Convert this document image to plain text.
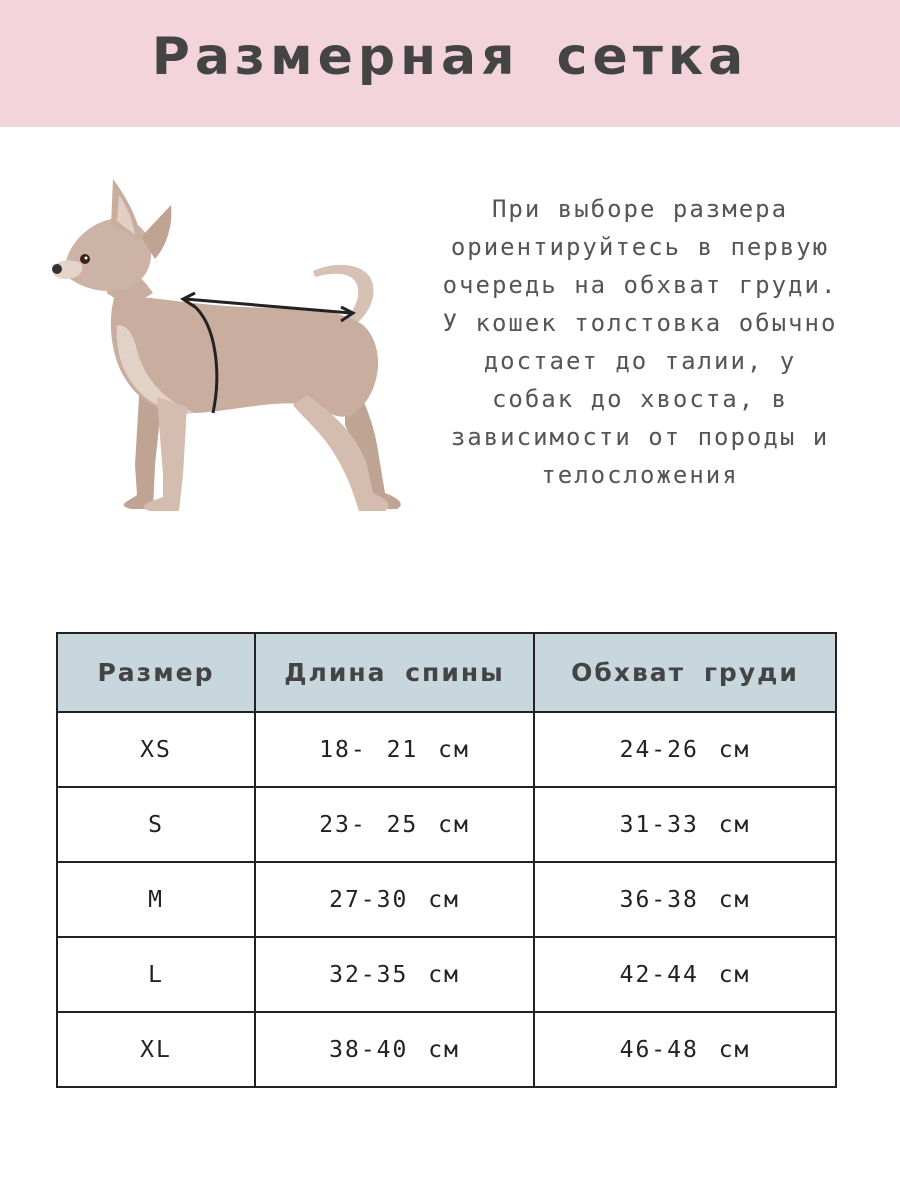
Размерная сетка
При выборе размера
ориентируйтесь в первую
очередь на обхват груди.
У кошек толстовка обычно
достает до талии, у
собак до хвоста, в
зависимости от породы и
телосложения
Размер	Длина спины	Обхват груди
XS	18- 21 см	24-26 см
S	23- 25 см	31-33 см
M	27-30 см	36-38 см
L	32-35 см	42-44 см
XL	38-40 см	46-48 см
